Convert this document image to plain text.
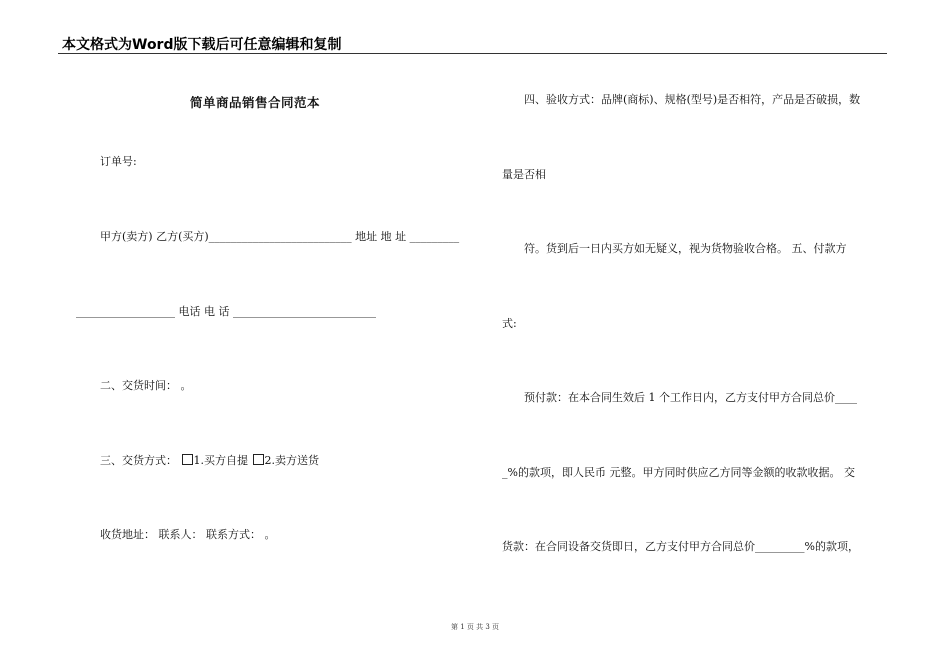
本文格式为Word版下载后可任意编辑和复制
简单商品销售合同范本
订单号:
甲方(卖方) 乙方(买方)__________________________ 地址 地 址 _________
__________________ 电话 电 话 __________________________
二、交货时间： 。
三、交货方式： 1.买方自提 2.卖方送货
收货地址： 联系人： 联系方式： 。
四、验收方式：品牌(商标)、规格(型号)是否相符，产品是否破损，数
量是否相
符。货到后一日内买方如无疑义，视为货物验收合格。 五、付款方
式:
预付款：在本合同生效后 1 个工作日内，乙方支付甲方合同总价____
_%的款项，即人民币 元整。甲方同时供应乙方同等金额的收款收据。 交
货款：在合同设备交货即日，乙方支付甲方合同总价_________%的款项，
第 1 页 共 3 页
